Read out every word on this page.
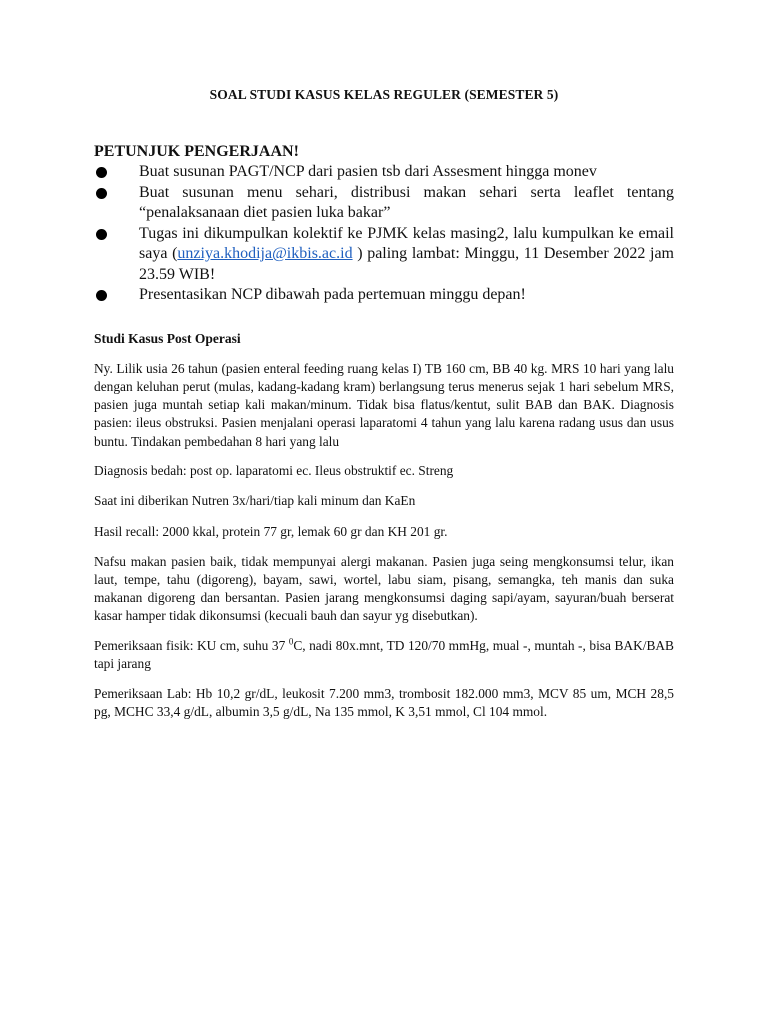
SOAL STUDI KASUS KELAS REGULER (SEMESTER 5)

PETUNJUK PENGERJAAN!

Buat susunan PAGT/NCP dari pasien tsb dari Assesment hingga monev
Buat susunan menu sehari, distribusi makan sehari serta leaflet tentang “penalaksanaan diet pasien luka bakar”
Tugas ini dikumpulkan kolektif ke PJMK kelas masing2, lalu kumpulkan ke email saya (unziya.khodija@ikbis.ac.id ) paling lambat: Minggu, 11 Desember 2022 jam 23.59 WIB!
Presentasikan NCP dibawah pada pertemuan minggu depan!

Studi Kasus Post Operasi

Ny. Lilik usia 26 tahun (pasien enteral feeding ruang kelas I) TB 160 cm, BB 40 kg. MRS 10 hari yang lalu dengan keluhan perut (mulas, kadang-kadang kram) berlangsung terus menerus sejak 1 hari sebelum MRS, pasien juga muntah setiap kali makan/minum. Tidak bisa flatus/kentut, sulit BAB dan BAK. Diagnosis pasien: ileus obstruksi. Pasien menjalani operasi laparatomi 4 tahun yang lalu karena radang usus dan usus buntu. Tindakan pembedahan 8 hari yang lalu

Diagnosis bedah: post op. laparatomi ec. Ileus obstruktif ec. Streng

Saat ini diberikan Nutren 3x/hari/tiap kali minum dan KaEn

Hasil recall: 2000 kkal, protein 77 gr, lemak 60 gr dan KH 201 gr.

Nafsu makan pasien baik, tidak mempunyai alergi makanan. Pasien juga seing mengkonsumsi telur, ikan laut, tempe, tahu (digoreng), bayam, sawi, wortel, labu siam, pisang, semangka, teh manis dan suka makanan digoreng dan bersantan. Pasien jarang mengkonsumsi daging sapi/ayam, sayuran/buah berserat kasar hamper tidak dikonsumsi (kecuali bauh dan sayur yg disebutkan).

Pemeriksaan fisik: KU cm, suhu 37 $^0$C, nadi 80x.mnt, TD 120/70 mmHg, mual -, muntah -, bisa BAK/BAB tapi jarang

Pemeriksaan Lab: Hb 10,2 gr/dL, leukosit 7.200 mm3, trombosit 182.000 mm3, MCV 85 um, MCH 28,5 pg, MCHC 33,4 g/dL, albumin 3,5 g/dL, Na 135 mmol, K 3,51 mmol, Cl 104 mmol.
